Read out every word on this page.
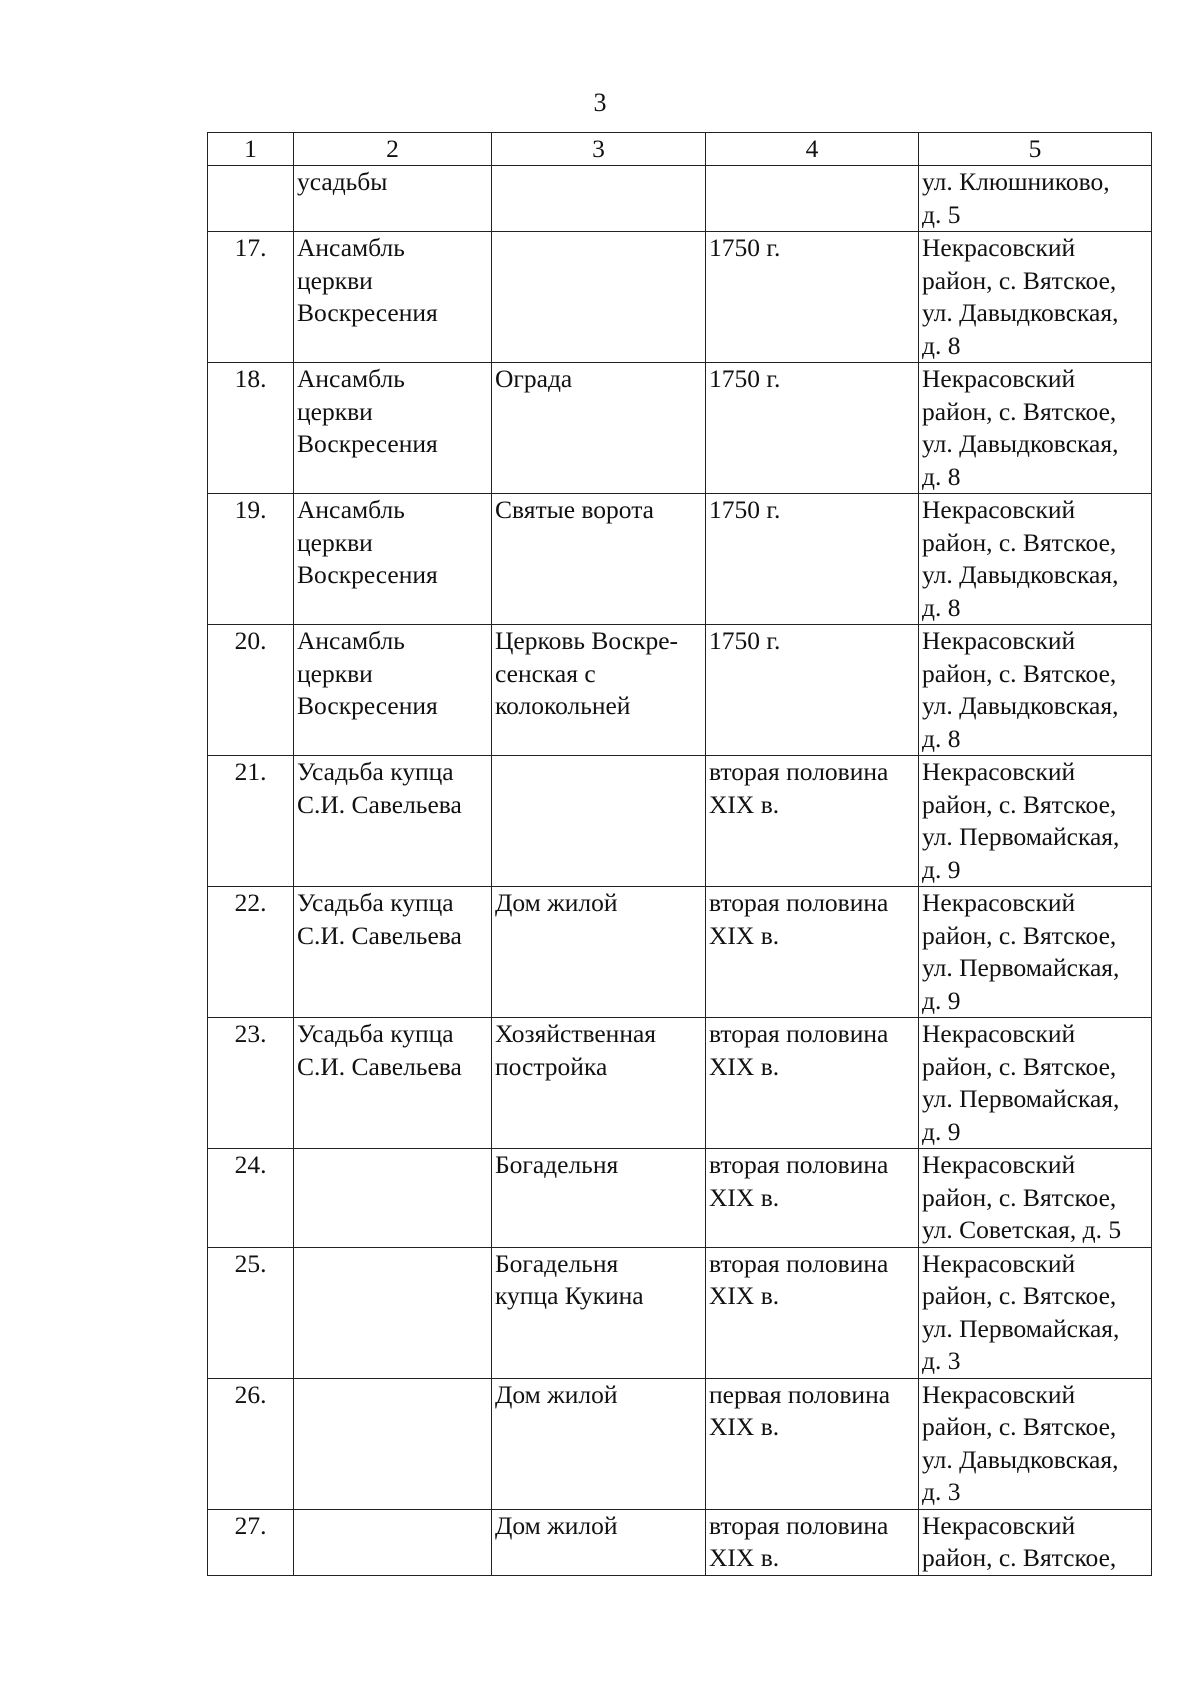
3
1	2	3	4	5
	усадьбы			ул. Клюшниково,
д. 5
17.	Ансамбль
церкви
Воскресения		1750 г.	Некрасовский
район, с. Вятское,
ул. Давыдковская,
д. 8
18.	Ансамбль
церкви
Воскресения	Ограда	1750 г.	Некрасовский
район, с. Вятское,
ул. Давыдковская,
д. 8
19.	Ансамбль
церкви
Воскресения	Святые ворота	1750 г.	Некрасовский
район, с. Вятское,
ул. Давыдковская,
д. 8
20.	Ансамбль
церкви
Воскресения	Церковь Воскре-
сенская с
колокольней	1750 г.	Некрасовский
район, с. Вятское,
ул. Давыдковская,
д. 8
21.	Усадьба купца
С.И. Савельева		вторая половина
XIX в.	Некрасовский
район, с. Вятское,
ул. Первомайская,
д. 9
22.	Усадьба купца
С.И. Савельева	Дом жилой	вторая половина
XIX в.	Некрасовский
район, с. Вятское,
ул. Первомайская,
д. 9
23.	Усадьба купца
С.И. Савельева	Хозяйственная
постройка	вторая половина
XIX в.	Некрасовский
район, с. Вятское,
ул. Первомайская,
д. 9
24.		Богадельня	вторая половина
XIX в.	Некрасовский
район, с. Вятское,
ул. Советская, д. 5
25.		Богадельня
купца Кукина	вторая половина
XIX в.	Некрасовский
район, с. Вятское,
ул. Первомайская,
д. 3
26.		Дом жилой	первая половина
XIX в.	Некрасовский
район, с. Вятское,
ул. Давыдковская,
д. 3
27.		Дом жилой	вторая половина
XIX в.	Некрасовский
район, с. Вятское,
